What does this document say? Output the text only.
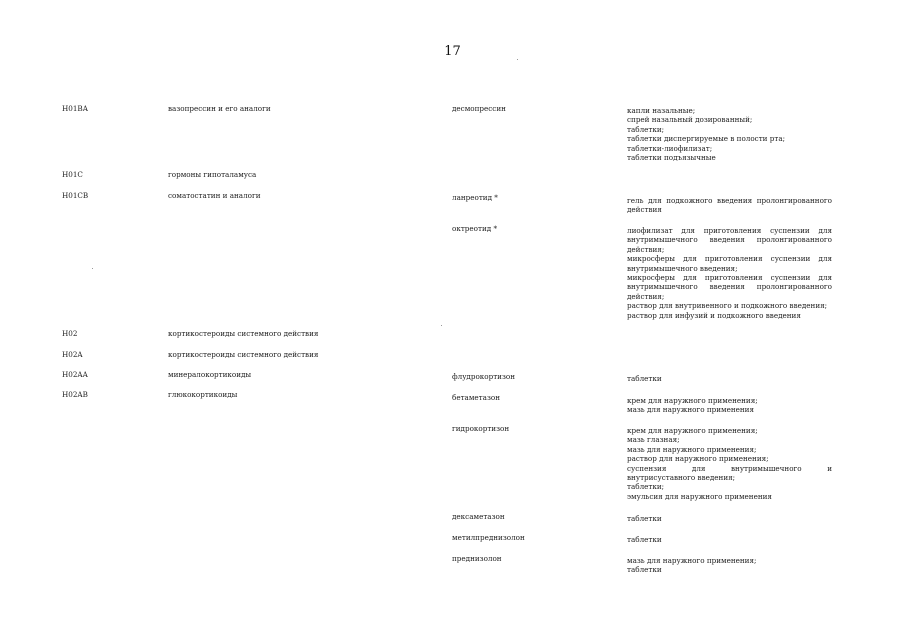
17
H01BA	вазопрессин и его аналоги	десмопрессин	капли назальные;
спрей назальный дозированный;
таблетки;
таблетки диспергируемые в полости рта;
таблетки-лиофилизат;
таблетки подъязычные
H01C	гормоны гипоталамуса
H01CB	соматостатин и аналоги	ланреотид *	гель для подкожного введения пролонгированного действия
октреотид *	лиофилизат для приготовления суспензии для внутримышечного введения пролонгированного действия;
микросферы для приготовления суспензии для внутримышечного введения;
микросферы для приготовления суспензии для внутримышечного введения пролонгированного действия;
раствор для внутривенного и подкожного введения;
раствор для инфузий и подкожного введения
H02	кортикостероиды системного действия
H02A	кортикостероиды системного действия
H02AA	минералокортикоиды	флудрокортизон	таблетки
H02AB	глюкокортикоиды	бетаметазон	крем для наружного применения;
мазь для наружного применения
гидрокортизон	крем для наружного применения;
мазь глазная;
мазь для наружного применения;
раствор для наружного применения;
суспензия для внутримышечного и внутрисуставного введения;
таблетки;
эмульсия для наружного применения
дексаметазон	таблетки
метилпреднизолон	таблетки
преднизолон	мазь для наружного применения;
таблетки
